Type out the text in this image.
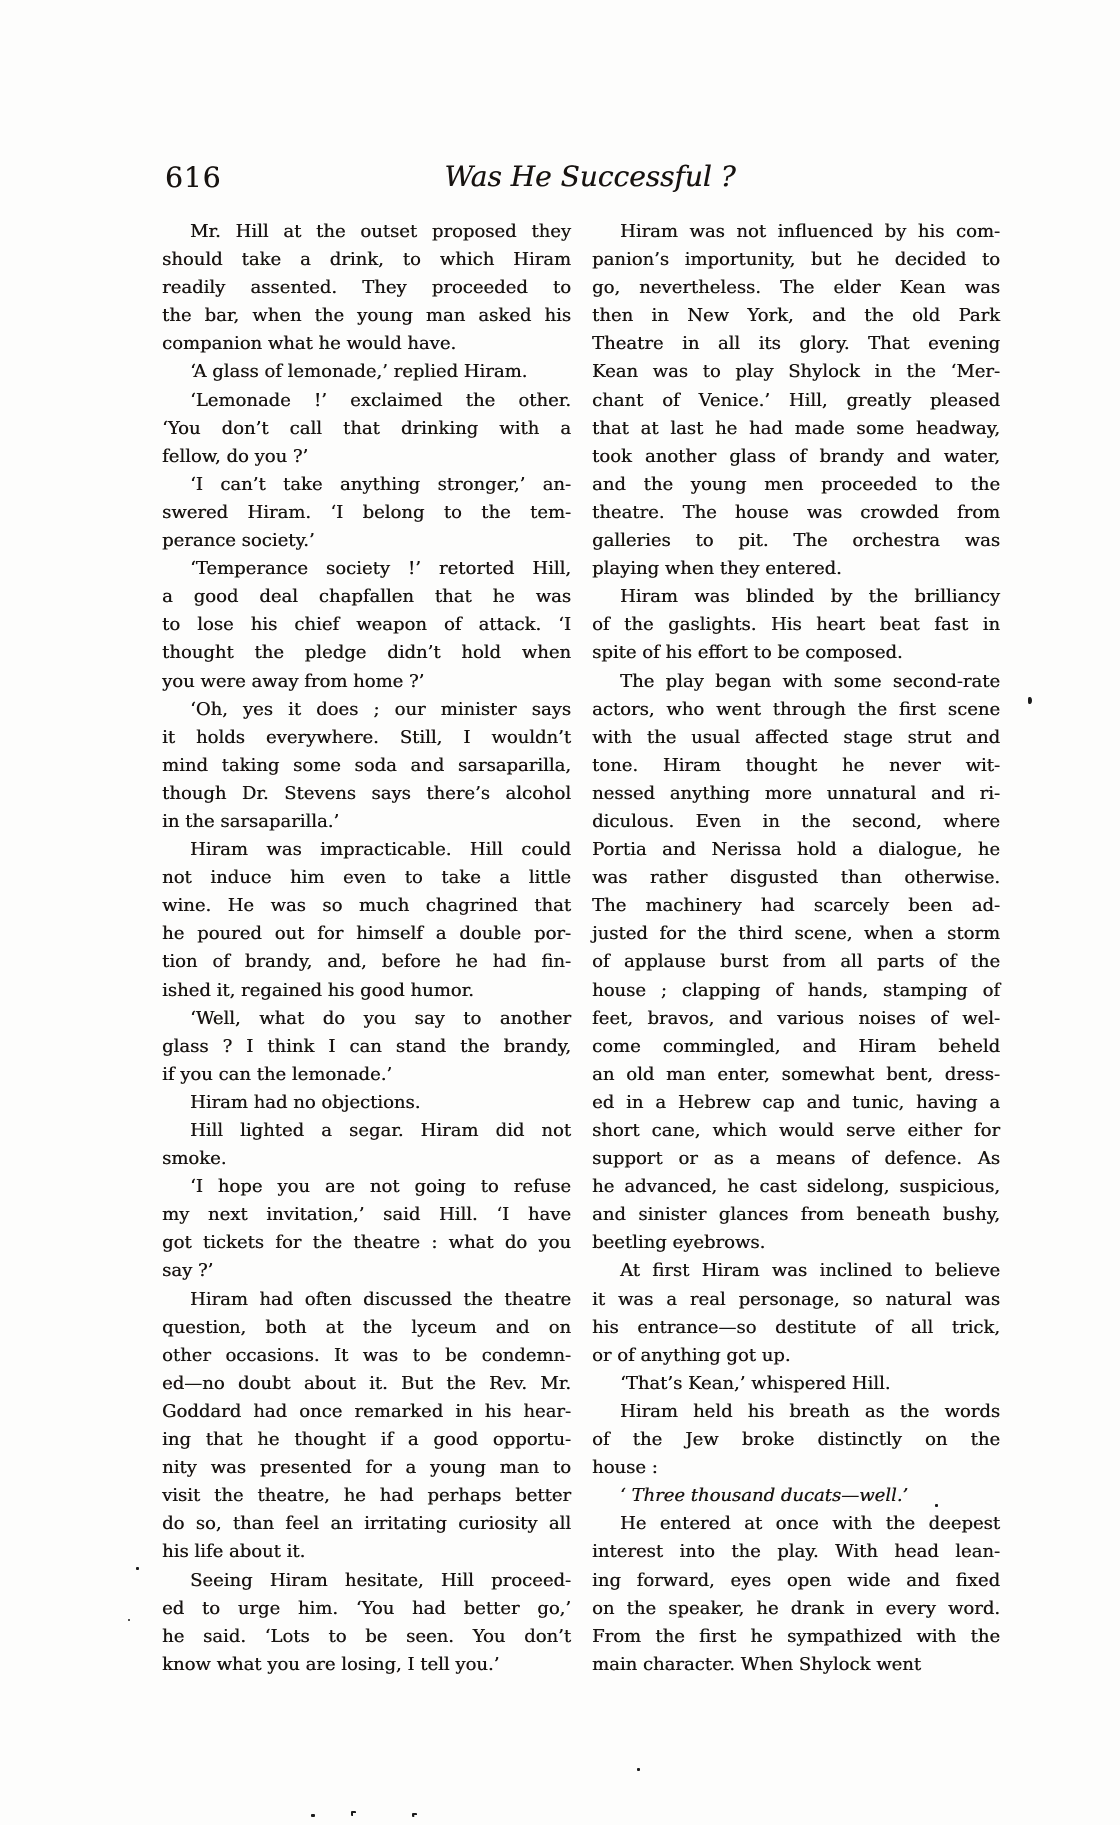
616	Was He Successful ?
Mr. Hill at the outset proposed they
should take a drink, to which Hiram
readily assented. They proceeded to
the bar, when the young man asked his
companion what he would have.
‘A glass of lemonade,’ replied Hiram.
‘Lemonade !’ exclaimed the other.
‘You don’t call that drinking with a
fellow, do you ?’
‘I can’t take anything stronger,’ an-
swered Hiram. ‘I belong to the tem-
perance society.’
‘Temperance society !’ retorted Hill,
a good deal chapfallen that he was
to lose his chief weapon of attack. ‘I
thought the pledge didn’t hold when
you were away from home ?’
‘Oh, yes it does ; our minister says
it holds everywhere. Still, I wouldn’t
mind taking some soda and sarsaparilla,
though Dr. Stevens says there’s alcohol
in the sarsaparilla.’
Hiram was impracticable. Hill could
not induce him even to take a little
wine. He was so much chagrined that
he poured out for himself a double por-
tion of brandy, and, before he had fin-
ished it, regained his good humor.
‘Well, what do you say to another
glass ? I think I can stand the brandy,
if you can the lemonade.’
Hiram had no objections.
Hill lighted a segar. Hiram did not
smoke.
‘I hope you are not going to refuse
my next invitation,’ said Hill. ‘I have
got tickets for the theatre : what do you
say ?’
Hiram had often discussed the theatre
question, both at the lyceum and on
other occasions. It was to be condemn-
ed—no doubt about it. But the Rev. Mr.
Goddard had once remarked in his hear-
ing that he thought if a good opportu-
nity was presented for a young man to
visit the theatre, he had perhaps better
do so, than feel an irritating curiosity all
his life about it.
Seeing Hiram hesitate, Hill proceed-
ed to urge him. ‘You had better go,’
he said. ‘Lots to be seen. You don’t
know what you are losing, I tell you.’
Hiram was not influenced by his com-
panion’s importunity, but he decided to
go, nevertheless. The elder Kean was
then in New York, and the old Park
Theatre in all its glory. That evening
Kean was to play Shylock in the ‘Mer-
chant of Venice.’ Hill, greatly pleased
that at last he had made some headway,
took another glass of brandy and water,
and the young men proceeded to the
theatre. The house was crowded from
galleries to pit. The orchestra was
playing when they entered.
Hiram was blinded by the brilliancy
of the gaslights. His heart beat fast in
spite of his effort to be composed.
The play began with some second-rate
actors, who went through the first scene
with the usual affected stage strut and
tone. Hiram thought he never wit-
nessed anything more unnatural and ri-
diculous. Even in the second, where
Portia and Nerissa hold a dialogue, he
was rather disgusted than otherwise.
The machinery had scarcely been ad-
justed for the third scene, when a storm
of applause burst from all parts of the
house ; clapping of hands, stamping of
feet, bravos, and various noises of wel-
come commingled, and Hiram beheld
an old man enter, somewhat bent, dress-
ed in a Hebrew cap and tunic, having a
short cane, which would serve either for
support or as a means of defence. As
he advanced, he cast sidelong, suspicious,
and sinister glances from beneath bushy,
beetling eyebrows.
At first Hiram was inclined to believe
it was a real personage, so natural was
his entrance—so destitute of all trick,
or of anything got up.
‘That’s Kean,’ whispered Hill.
Hiram held his breath as the words
of the Jew broke distinctly on the
house :
‘ Three thousand ducats—well.’
He entered at once with the deepest
interest into the play. With head lean-
ing forward, eyes open wide and fixed
on the speaker, he drank in every word.
From the first he sympathized with the
main character. When Shylock went
